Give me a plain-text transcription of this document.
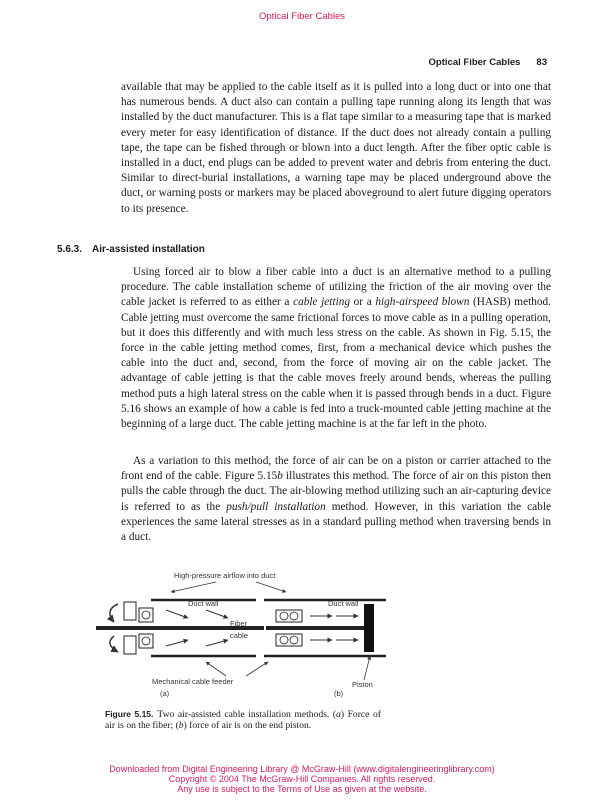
Optical Fiber Cables
Optical Fiber Cables 83

available that may be applied to the cable itself as it is pulled into a long duct or into one that has numerous bends. A duct also can contain a pulling tape running along its length that was installed by the duct manufacturer. This is a flat tape similar to a measuring tape that is marked every meter for easy identification of distance. If the duct does not already contain a pulling tape, the tape can be fished through or blown into a duct length. After the fiber optic cable is installed in a duct, end plugs can be added to prevent water and debris from entering the duct. Similar to direct-burial installations, a warning tape may be placed underground above the duct, or warning posts or markers may be placed aboveground to alert future digging operators to its presence.

5.6.3. Air-assisted installation

Using forced air to blow a fiber cable into a duct is an alternative method to a pulling procedure. The cable installation scheme of utilizing the friction of the air moving over the cable jacket is referred to as either a cable jetting or a high-airspeed blown (HASB) method. Cable jetting must overcome the same frictional forces to move cable as in a pulling operation, but it does this differently and with much less stress on the cable. As shown in Fig. 5.15, the force in the cable jetting method comes, first, from a mechanical device which pushes the cable into the duct and, second, from the force of moving air on the cable jacket. The advantage of cable jetting is that the cable moves freely around bends, whereas the pulling method puts a high lateral stress on the cable when it is passed through bends in a duct. Figure 5.16 shows an example of how a cable is fed into a truck-mounted cable jetting machine at the beginning of a large duct. The cable jetting machine is at the far left in the photo.

As a variation to this method, the force of air can be on a piston or carrier attached to the front end of the cable. Figure 5.15b illustrates this method. The force of air on this piston then pulls the cable through the duct. The air-blowing method utilizing such an air-capturing device is referred to as the push/pull installation method. However, in this variation the cable experiences the same lateral stresses as in a standard pulling method when traversing bends in a duct.

High-pressure airflow into duct
Duct wall
Fiber
cable
Duct wall
Mechanical cable feeder	Piston
(a)	(b)

Figure 5.15. Two air-assisted cable installation methods. (a) Force of air is on the fiber; (b) force of air is on the end piston.

Downloaded from Digital Engineering Library @ McGraw-Hill (www.digitalengineeringlibrary.com)
Copyright © 2004 The McGraw-Hill Companies. All rights reserved.
Any use is subject to the Terms of Use as given at the website.
